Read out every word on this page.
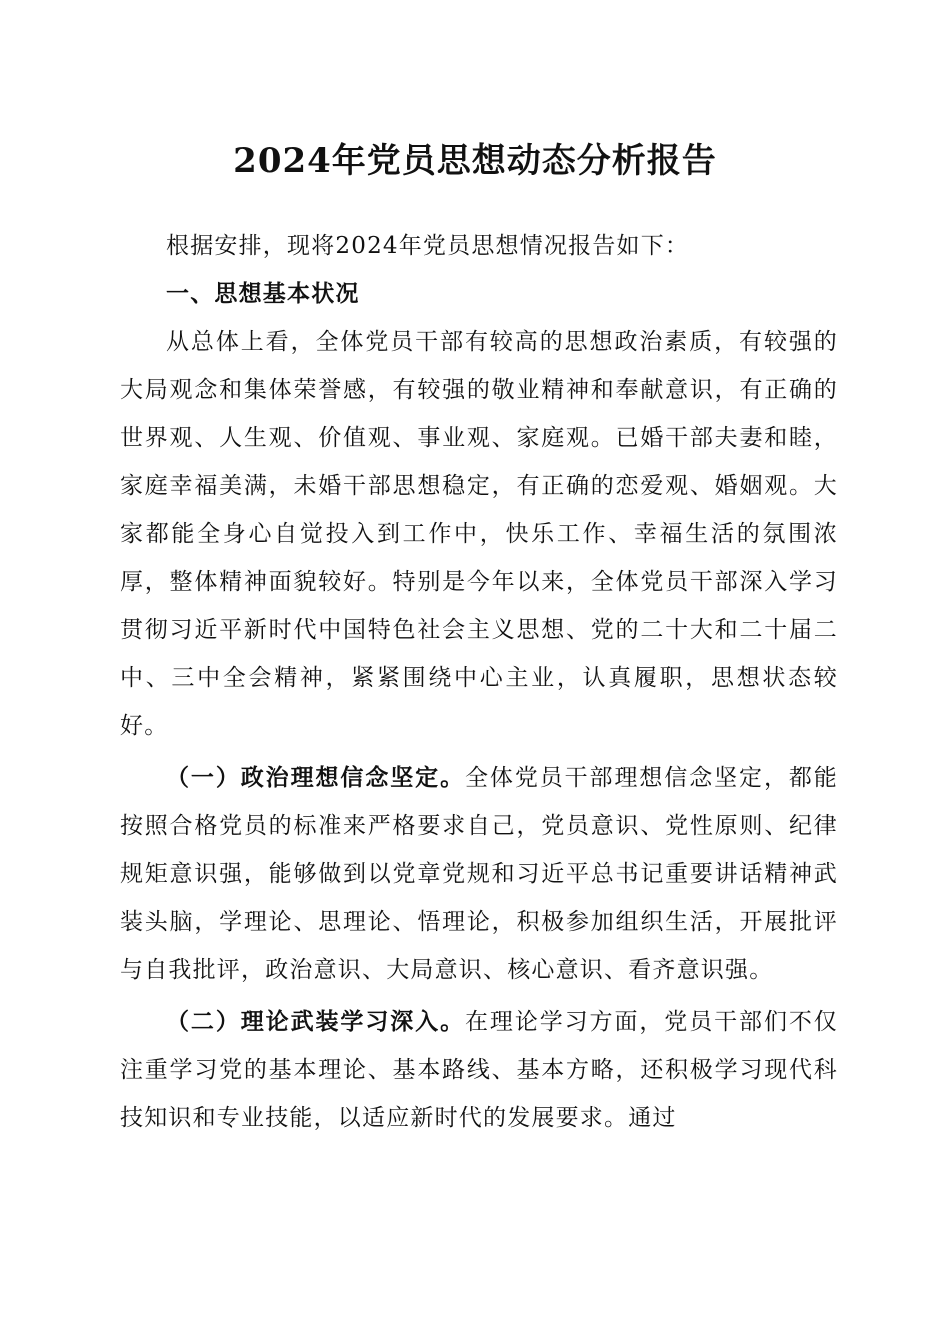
2024年党员思想动态分析报告

根据安排，现将2024年党员思想情况报告如下：

一、思想基本状况

从总体上看，全体党员干部有较高的思想政治素质，有较强的大局观念和集体荣誉感，有较强的敬业精神和奉献意识，有正确的世界观、人生观、价值观、事业观、家庭观。已婚干部夫妻和睦，家庭幸福美满，未婚干部思想稳定，有正确的恋爱观、婚姻观。大家都能全身心自觉投入到工作中，快乐工作、幸福生活的氛围浓厚，整体精神面貌较好。特别是今年以来，全体党员干部深入学习贯彻习近平新时代中国特色社会主义思想、党的二十大和二十届二中、三中全会精神，紧紧围绕中心主业，认真履职，思想状态较好。

（一）政治理想信念坚定。全体党员干部理想信念坚定，都能按照合格党员的标准来严格要求自己，党员意识、党性原则、纪律规矩意识强，能够做到以党章党规和习近平总书记重要讲话精神武装头脑，学理论、思理论、悟理论，积极参加组织生活，开展批评与自我批评，政治意识、大局意识、核心意识、看齐意识强。

（二）理论武装学习深入。在理论学习方面，党员干部们不仅注重学习党的基本理论、基本路线、基本方略，还积极学习现代科技知识和专业技能，以适应新时代的发展要求。通过
